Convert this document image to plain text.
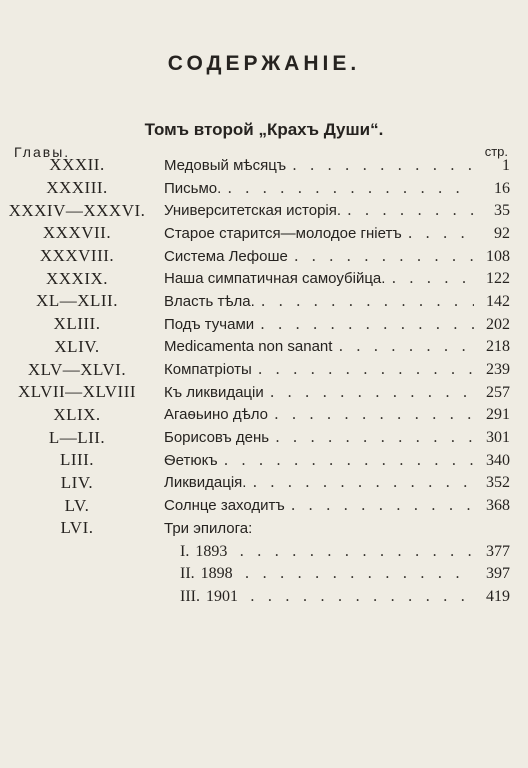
СОДЕРЖАНІЕ.
Томъ второй „Крахъ Души“.
Главы.	стр.
XXXII.	Медовый мѣсяцъ . . .	1
XXXIII.	Письмо. . . .	16
XXXIV—XXXVI.	Университетская исторія. . . .	35
XXXVII.	Старое старится—молодое гніетъ . . .	92
XXXVIII.	Система Лефоше . . .	108
XXXIX.	Наша симпатичная самоубійца. . . .	122
XL—XLII.	Власть тѣла. . . .	142
XLIII.	Подъ тучами . . .	202
XLIV.	Medicamenta non sanant . . .	218
XLV—XLVI.	Компатріоты . . .	239
XLVII—XLVIII	Къ ликвидаціи . . .	257
XLIX.	Агаѳьино дѣло . . .	291
L—LII.	Борисовъ день . . .	301
LIII.	Ѳетюкъ . . .	340
LIV.	Ликвидація. . . .	352
LV.	Солнце заходитъ . . .	368
LVI.	Три эпилога:
I. 1893 . . .	377
II. 1898 . . .	397
III. 1901 . . .	419
